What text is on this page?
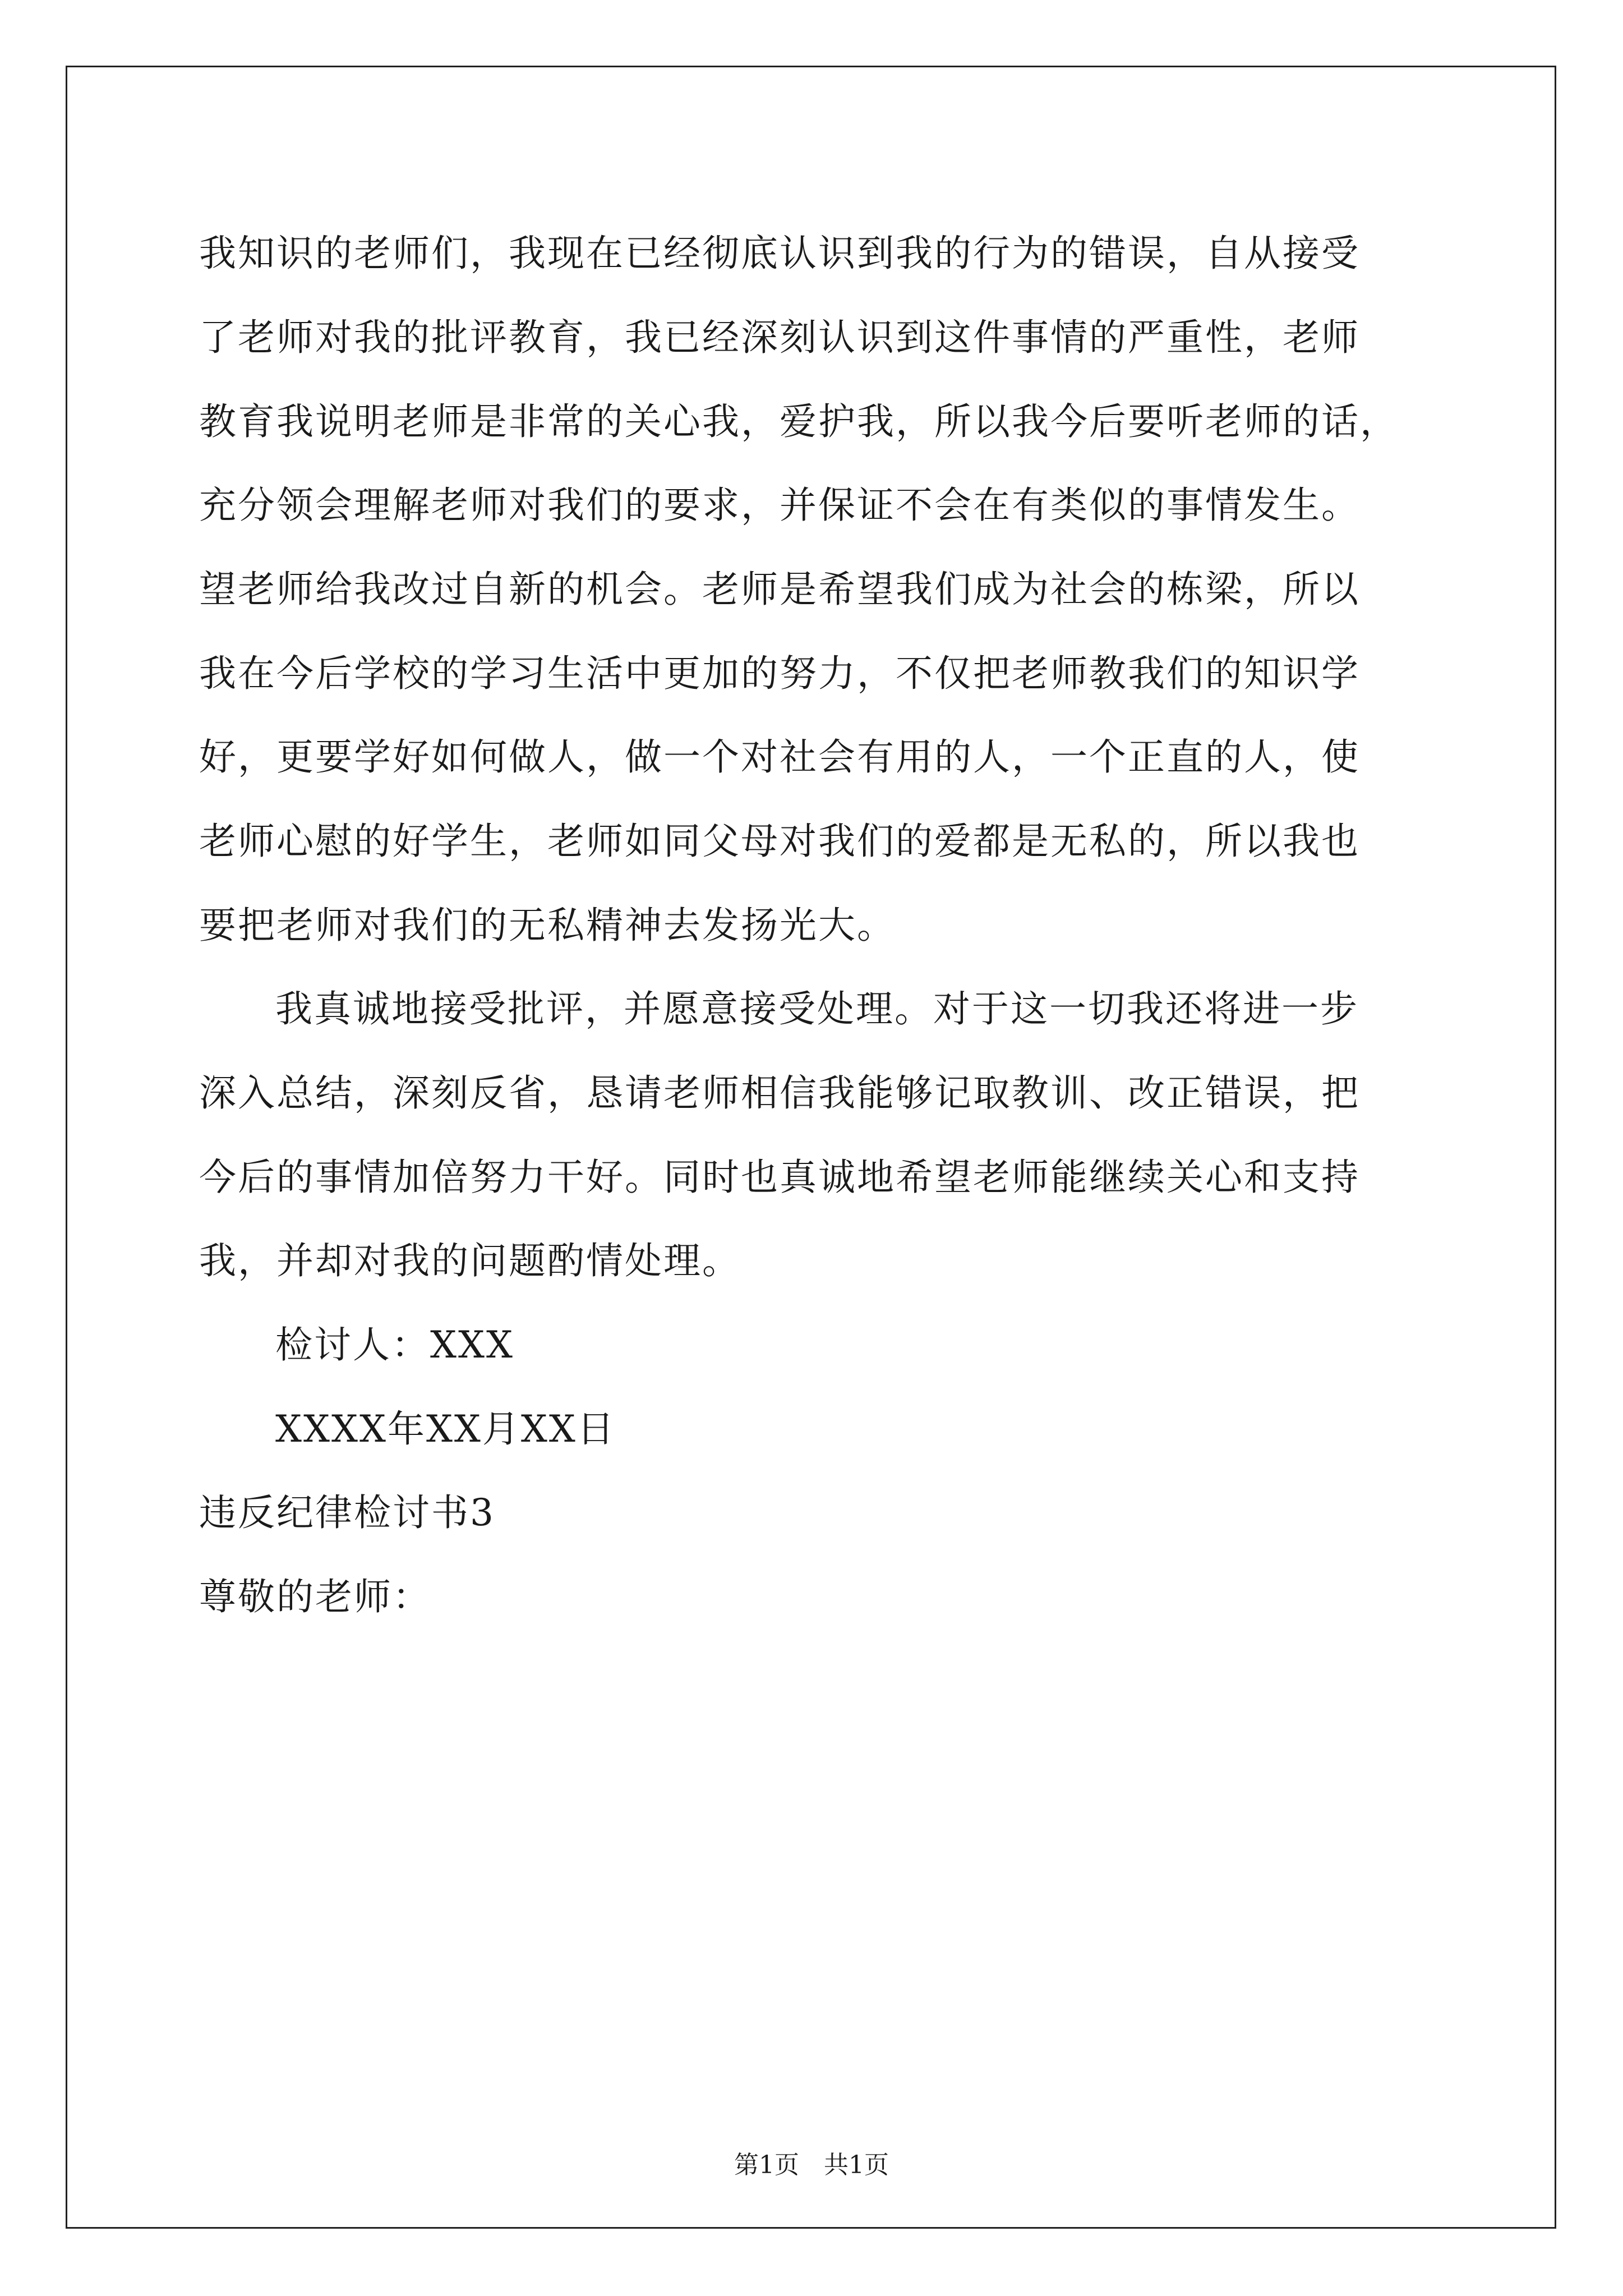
我知识的老师们，我现在已经彻底认识到我的行为的错误，自从接受
了老师对我的批评教育，我已经深刻认识到这件事情的严重性，老师
教育我说明老师是非常的关心我，爱护我，所以我今后要听老师的话，
充分领会理解老师对我们的要求，并保证不会在有类似的事情发生。
望老师给我改过自新的机会。老师是希望我们成为社会的栋梁，所以
我在今后学校的学习生活中更加的努力，不仅把老师教我们的知识学
好，更要学好如何做人，做一个对社会有用的人，一个正直的人，使
老师心慰的好学生，老师如同父母对我们的爱都是无私的，所以我也
要把老师对我们的无私精神去发扬光大。
我真诚地接受批评，并愿意接受处理。对于这一切我还将进一步
深入总结，深刻反省，恳请老师相信我能够记取教训、改正错误，把
今后的事情加倍努力干好。同时也真诚地希望老师能继续关心和支持
我，并却对我的问题酌情处理。
检讨人：XXX
XXXX年XX月XX日
违反纪律检讨书3
尊敬的老师：
第1页 共1页
